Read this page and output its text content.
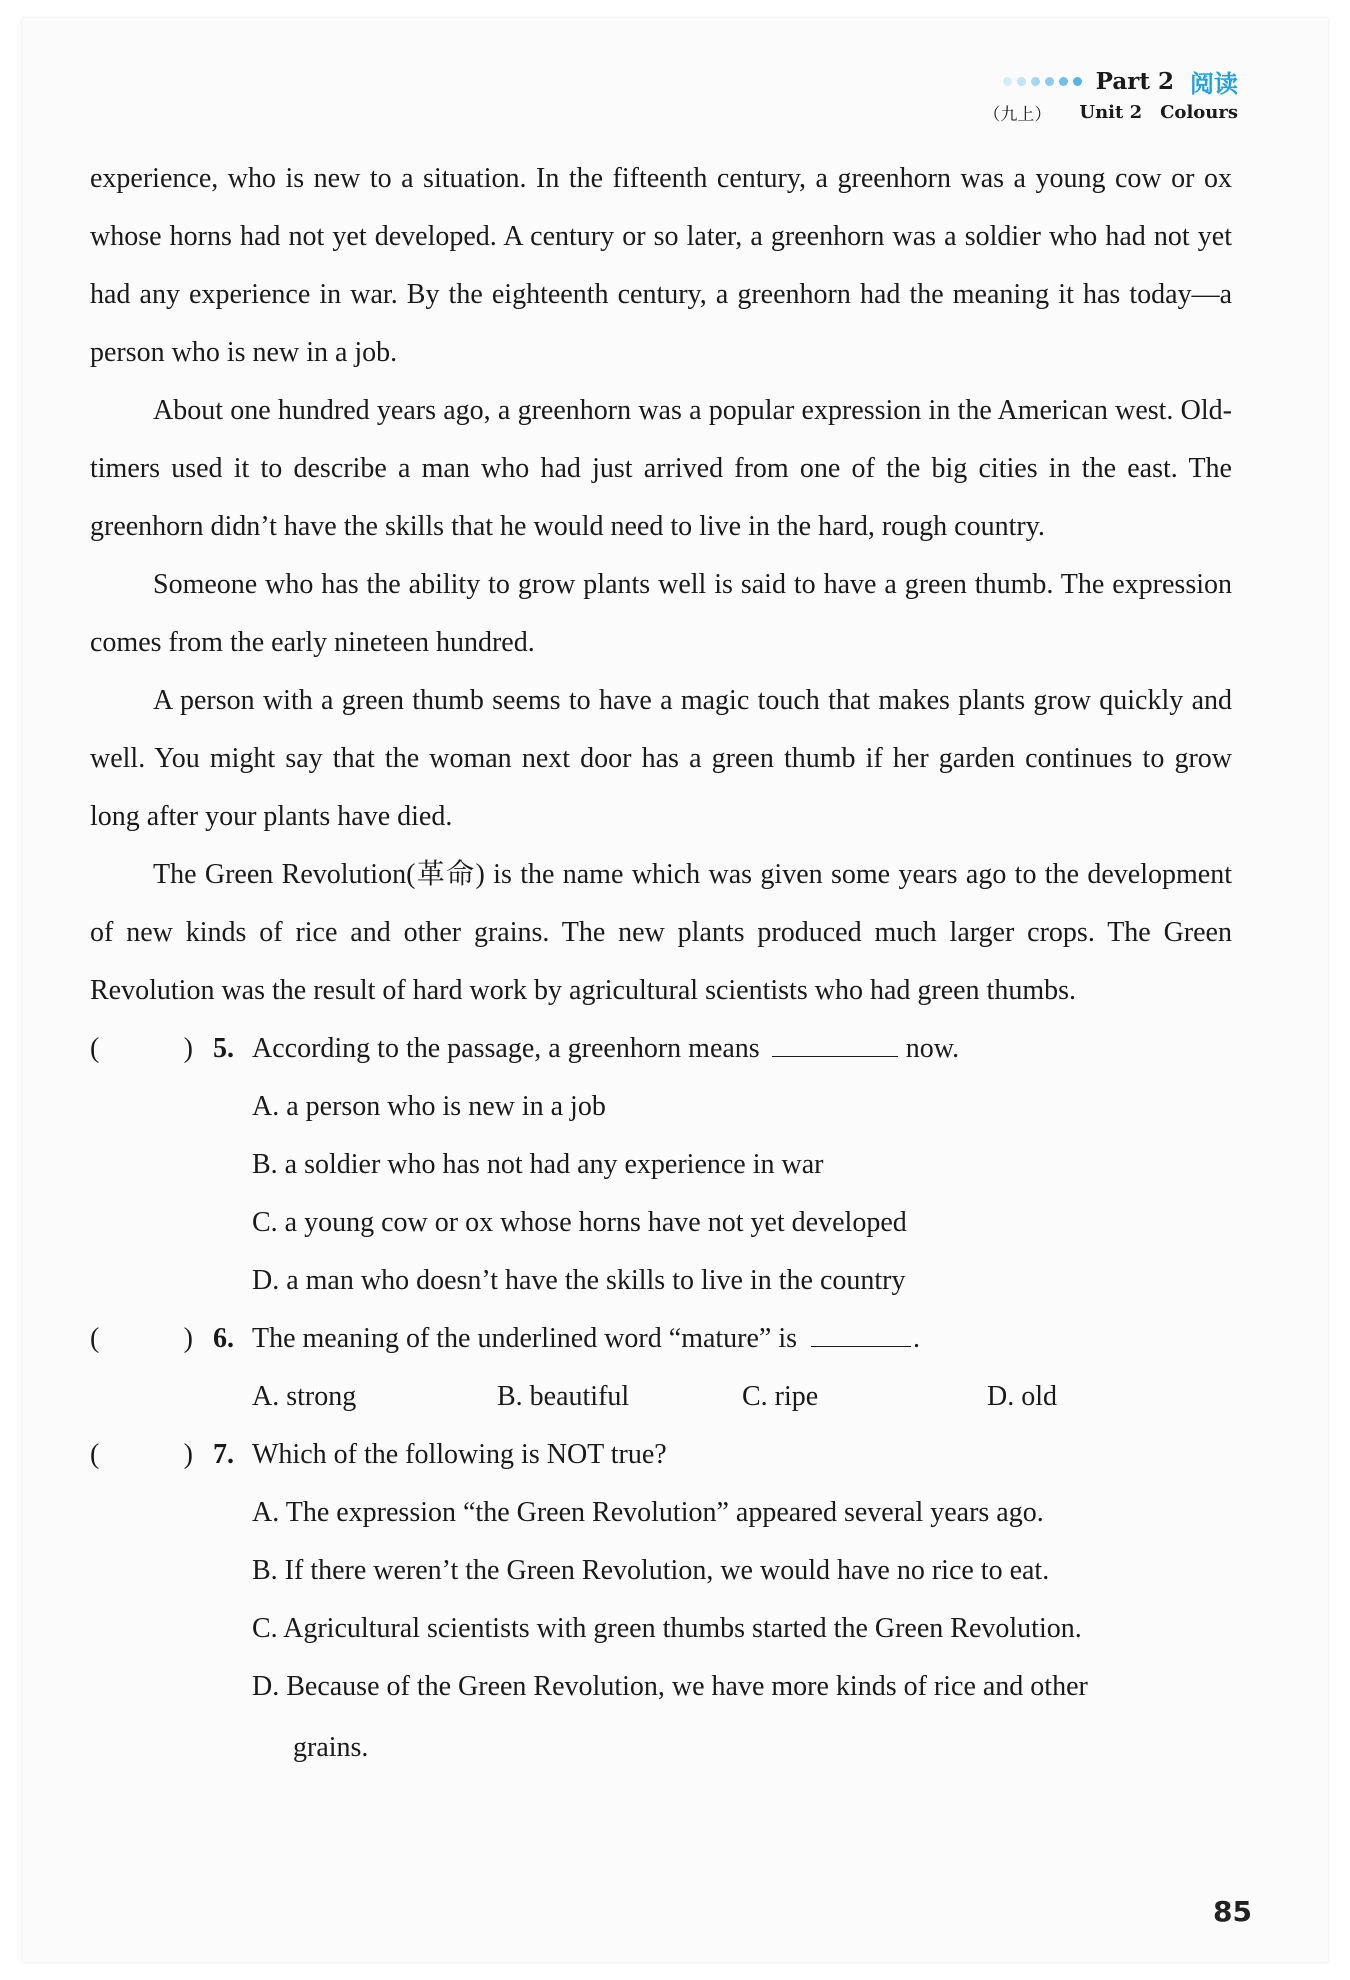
Part 2 阅读
（九上） Unit 2 Colours

experience, who is new to a situation. In the fifteenth century, a greenhorn was a young cow or ox whose horns had not yet developed. A century or so later, a greenhorn was a soldier who had not yet had any experience in war. By the eighteenth century, a greenhorn had the meaning it has today—a person who is new in a job.

About one hundred years ago, a greenhorn was a popular expression in the American west. Old-timers used it to describe a man who had just arrived from one of the big cities in the east. The greenhorn didn’t have the skills that he would need to live in the hard, rough country.

Someone who has the ability to grow plants well is said to have a green thumb. The expression comes from the early nineteen hundred.

A person with a green thumb seems to have a magic touch that makes plants grow quickly and well. You might say that the woman next door has a green thumb if her garden continues to grow long after your plants have died.

The Green Revolution(革命) is the name which was given some years ago to the development of new kinds of rice and other grains. The new plants produced much larger crops. The Green Revolution was the result of hard work by agricultural scientists who had green thumbs.

(	) 5. According to the passage, a greenhorn means	now.

A. a person who is new in a job

B. a soldier who has not had any experience in war

C. a young cow or ox whose horns have not yet developed

D. a man who doesn’t have the skills to live in the country

(	) 6. The meaning of the underlined word “mature” is	.
A. strong	B. beautiful	C. ripe	D. old
(	) 7. Which of the following is NOT true?

A. The expression “the Green Revolution” appeared several years ago.

B. If there weren’t the Green Revolution, we would have no rice to eat.

C. Agricultural scientists with green thumbs started the Green Revolution.

D. Because of the Green Revolution, we have more kinds of rice and other

grains.

85
